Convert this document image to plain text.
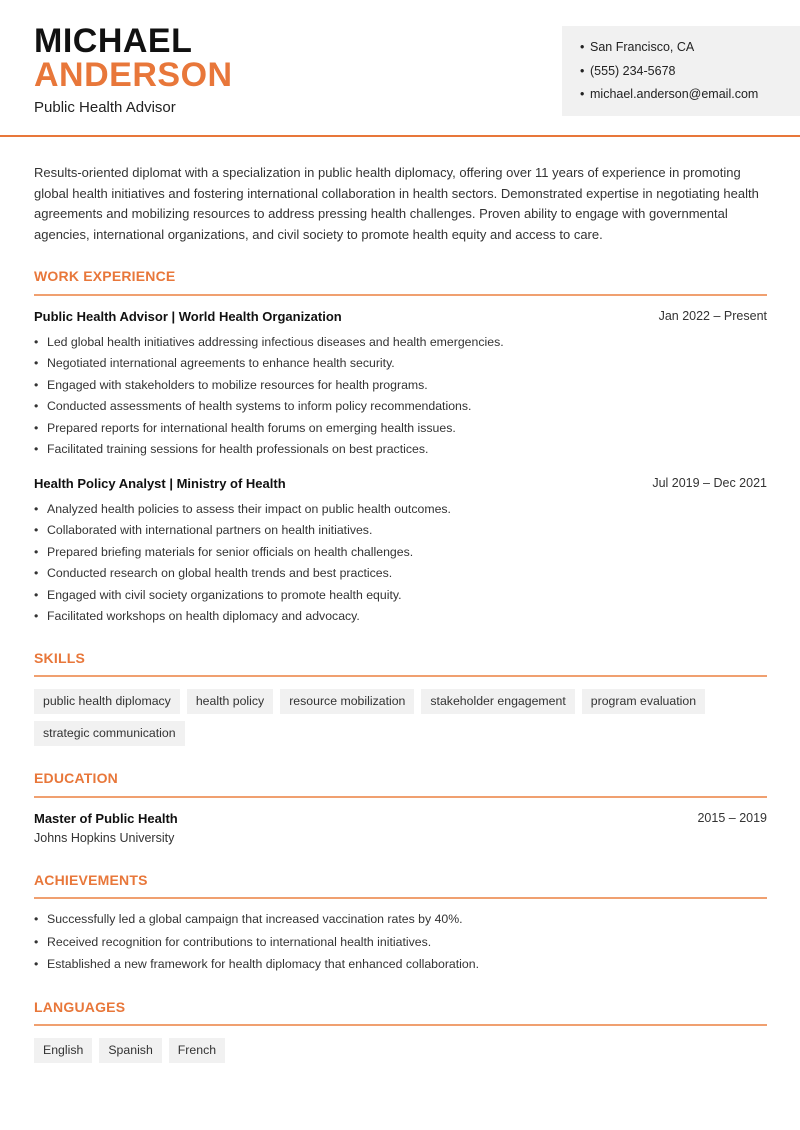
MICHAEL
ANDERSON
Public Health Advisor
• San Francisco, CA
• (555) 234-5678
• michael.anderson@email.com

Results-oriented diplomat with a specialization in public health diplomacy, offering over 11 years of experience in promoting global health initiatives and fostering international collaboration in health sectors. Demonstrated expertise in negotiating health agreements and mobilizing resources to address pressing health challenges. Proven ability to engage with governmental agencies, international organizations, and civil society to promote health equity and access to care.

WORK EXPERIENCE
Public Health Advisor | World Health Organization	Jan 2022 – Present
• Led global health initiatives addressing infectious diseases and health emergencies.
• Negotiated international agreements to enhance health security.
• Engaged with stakeholders to mobilize resources for health programs.
• Conducted assessments of health systems to inform policy recommendations.
• Prepared reports for international health forums on emerging health issues.
• Facilitated training sessions for health professionals on best practices.
Health Policy Analyst | Ministry of Health	Jul 2019 – Dec 2021
• Analyzed health policies to assess their impact on public health outcomes.
• Collaborated with international partners on health initiatives.
• Prepared briefing materials for senior officials on health challenges.
• Conducted research on global health trends and best practices.
• Engaged with civil society organizations to promote health equity.
• Facilitated workshops on health diplomacy and advocacy.
SKILLS
public health diplomacy health policy resource mobilization stakeholder engagement program evaluationstrategic communication
EDUCATION
Master of Public Health
Johns Hopkins University
2015 – 2019
ACHIEVEMENTS
• Successfully led a global campaign that increased vaccination rates by 40%.
• Received recognition for contributions to international health initiatives.
• Established a new framework for health diplomacy that enhanced collaboration.
LANGUAGES
English Spanish French
